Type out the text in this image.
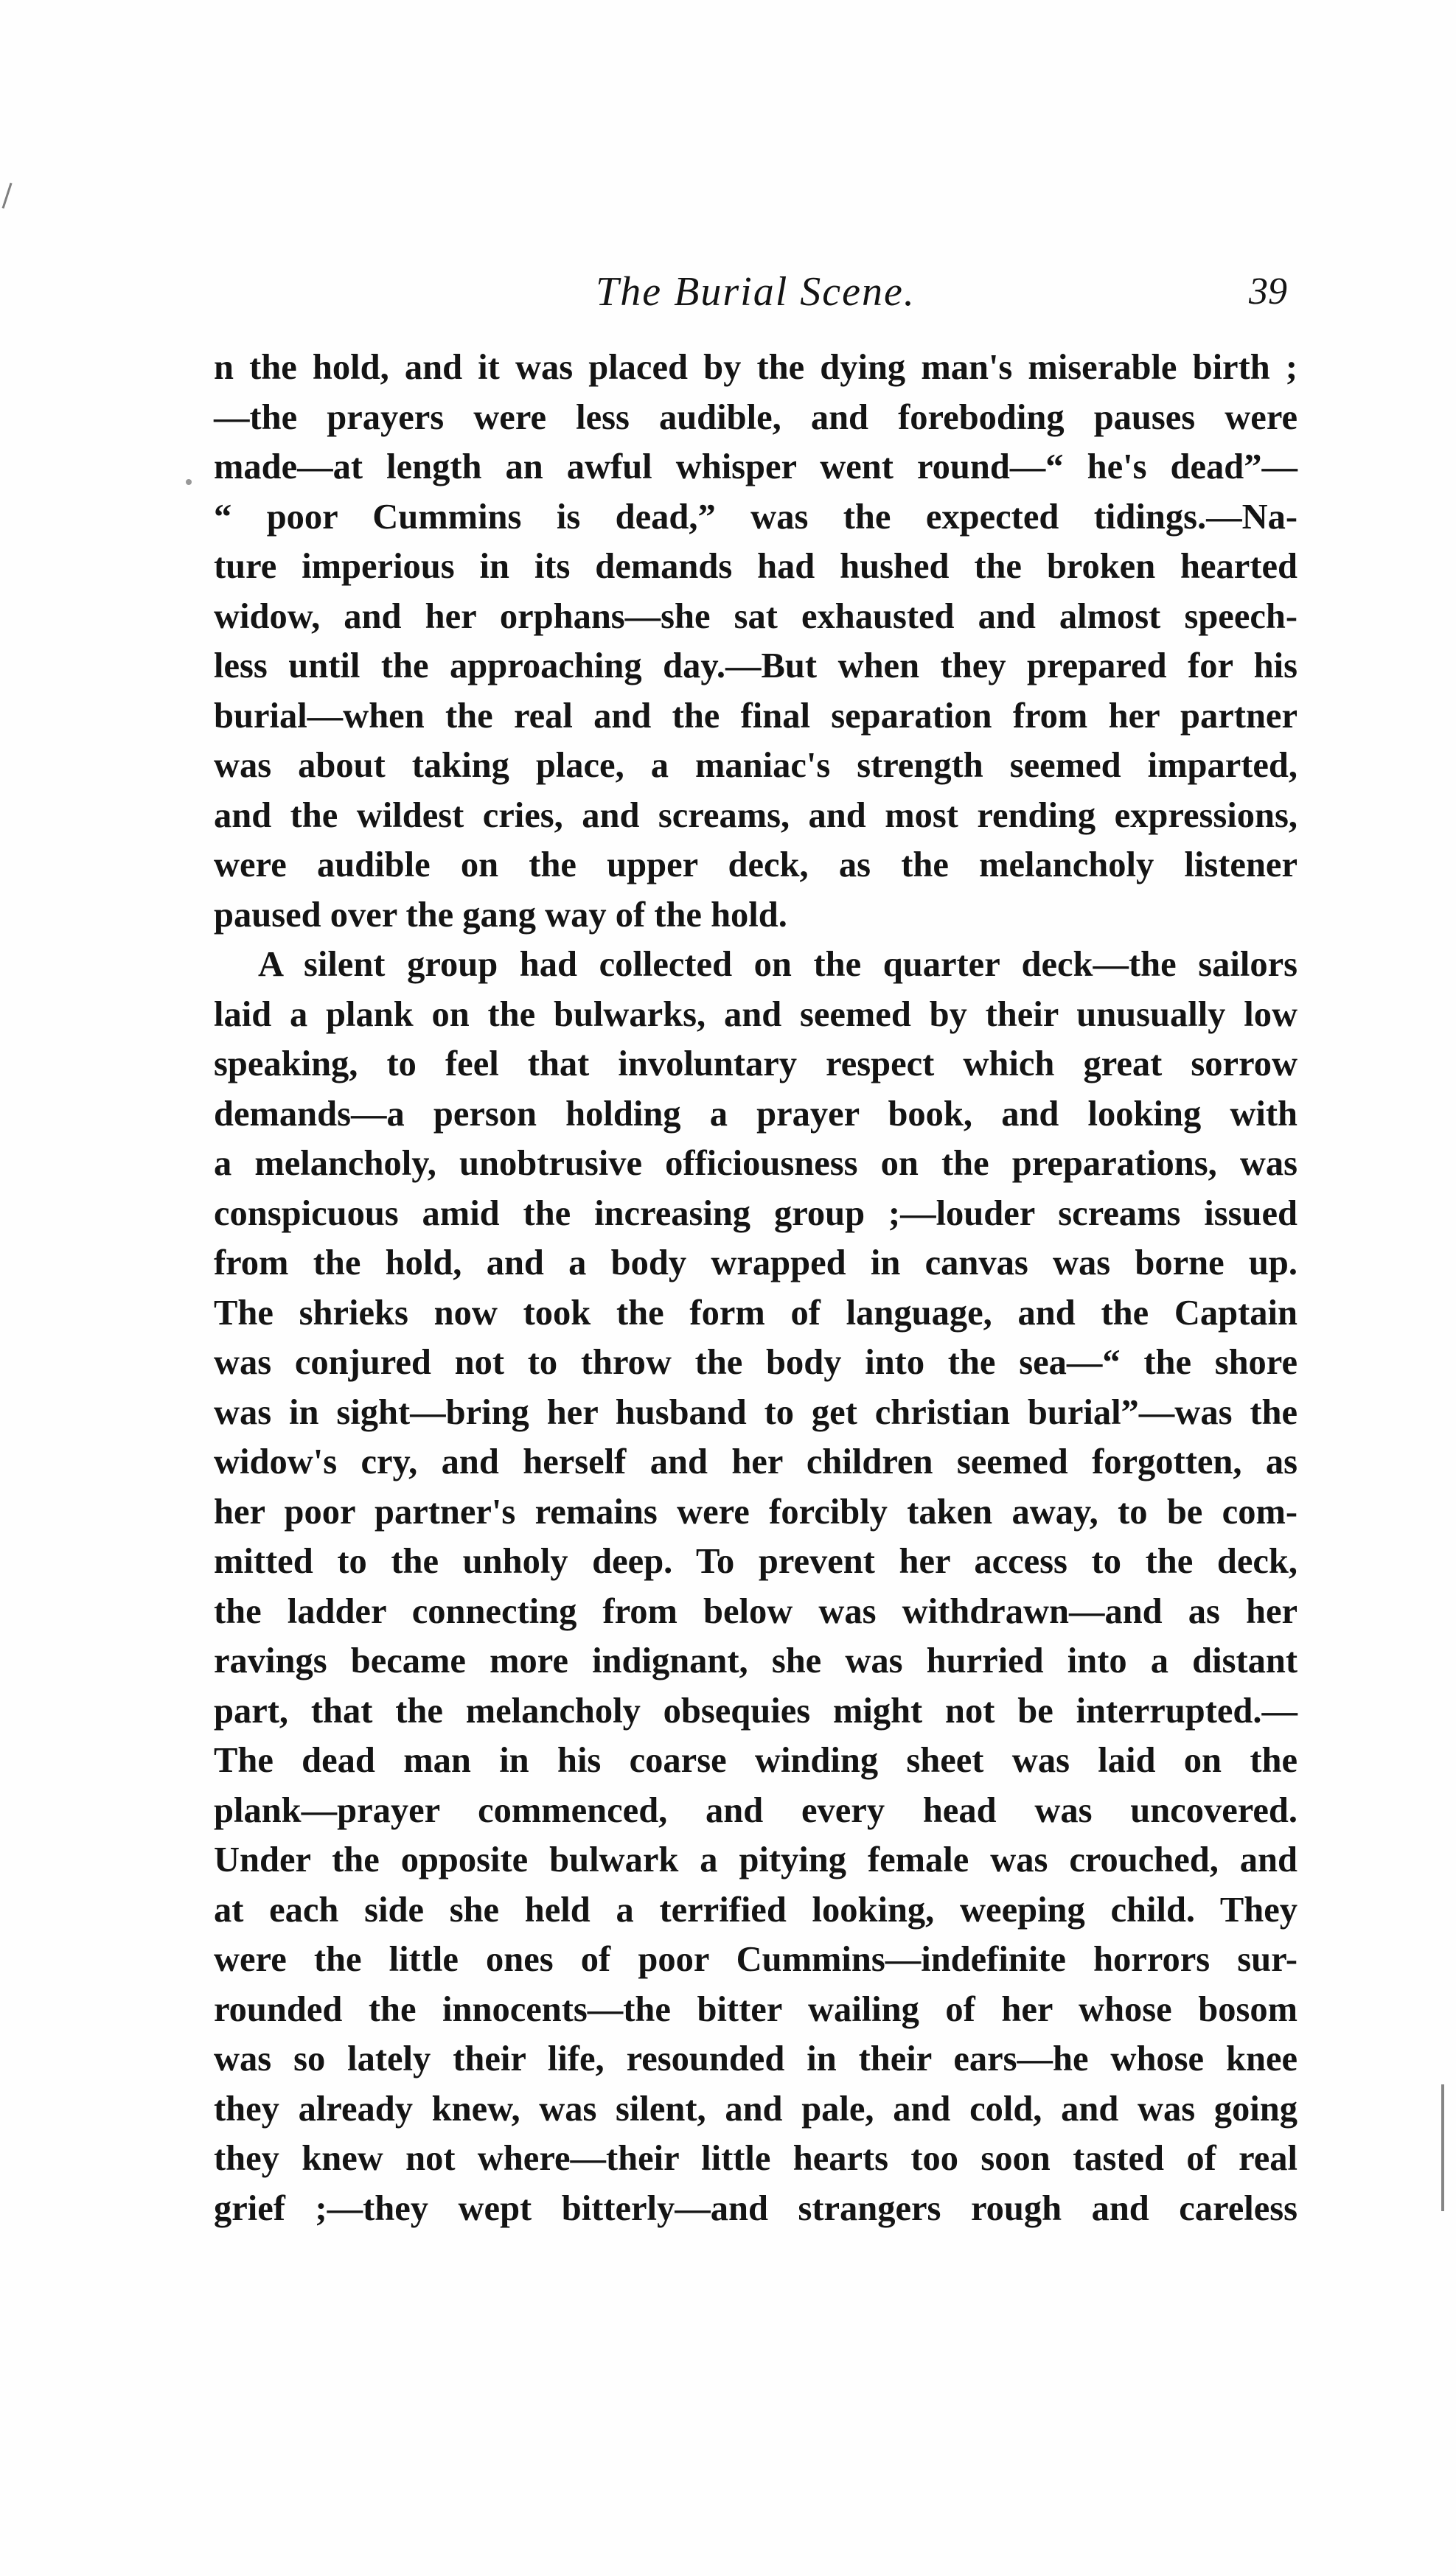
The Burial Scene.	39
n the hold, and it was placed by the dying man's miserable birth ;
—the prayers were less audible, and foreboding pauses were
made—at length an awful whisper went round—“ he's dead”—
“ poor Cummins is dead,” was the expected tidings.—Na-
ture imperious in its demands had hushed the broken hearted
widow, and her orphans—she sat exhausted and almost speech-
less until the approaching day.—But when they prepared for his
burial—when the real and the final separation from her partner
was about taking place, a maniac's strength seemed imparted,
and the wildest cries, and screams, and most rending expressions,
were audible on the upper deck, as the melancholy listener
paused over the gang way of the hold.
A silent group had collected on the quarter deck—the sailors
laid a plank on the bulwarks, and seemed by their unusually low
speaking, to feel that involuntary respect which great sorrow
demands—a person holding a prayer book, and looking with
a melancholy, unobtrusive officiousness on the preparations, was
conspicuous amid the increasing group ;—louder screams issued
from the hold, and a body wrapped in canvas was borne up.
The shrieks now took the form of language, and the Captain
was conjured not to throw the body into the sea—“ the shore
was in sight—bring her husband to get christian burial”—was the
widow's cry, and herself and her children seemed forgotten, as
her poor partner's remains were forcibly taken away, to be com-
mitted to the unholy deep. To prevent her access to the deck,
the ladder connecting from below was withdrawn—and as her
ravings became more indignant, she was hurried into a distant
part, that the melancholy obsequies might not be interrupted.—
The dead man in his coarse winding sheet was laid on the
plank—prayer commenced, and every head was uncovered.
Under the opposite bulwark a pitying female was crouched, and
at each side she held a terrified looking, weeping child. They
were the little ones of poor Cummins—indefinite horrors sur-
rounded the innocents—the bitter wailing of her whose bosom
was so lately their life, resounded in their ears—he whose knee
they already knew, was silent, and pale, and cold, and was going
they knew not where—their little hearts too soon tasted of real
grief ;—they wept bitterly—and strangers rough and careless
